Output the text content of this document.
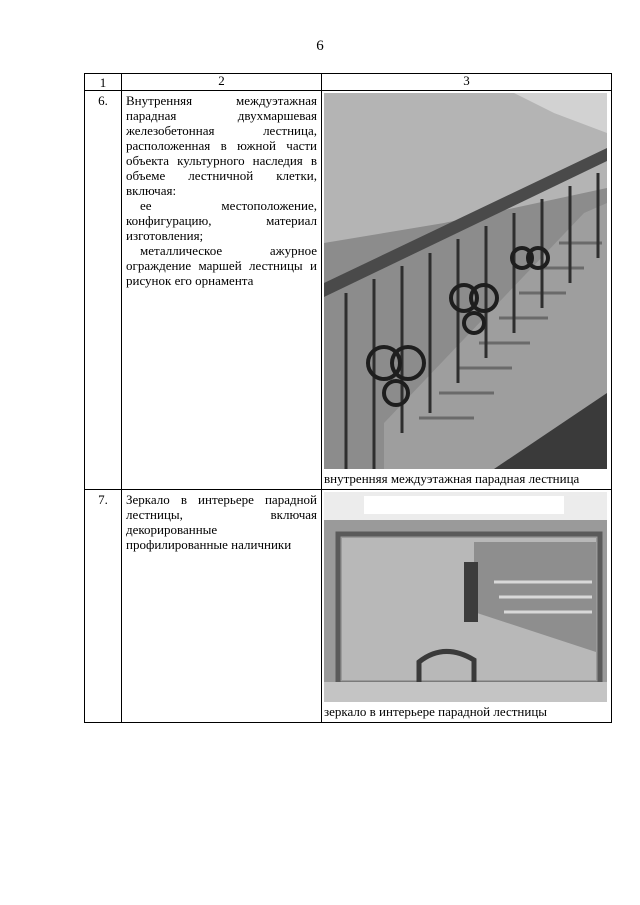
6
1	2	3
6.	Внутренняя междуэтажная парадная двухмаршевая железобетонная лестница, расположенная в южной части объекта культурного наследия в объеме лестничной клетки, включая:

ее местоположение, конфигурацию, материал изготовления;

металлическое ажурное ограждение маршей лестницы и рисунок его орнамента	внутренняя междуэтажная парадная лестница

7.	Зеркало в интерьере парадной лестницы, включая декорированные профилированные наличники	зеркало в интерьере парадной лестницы
